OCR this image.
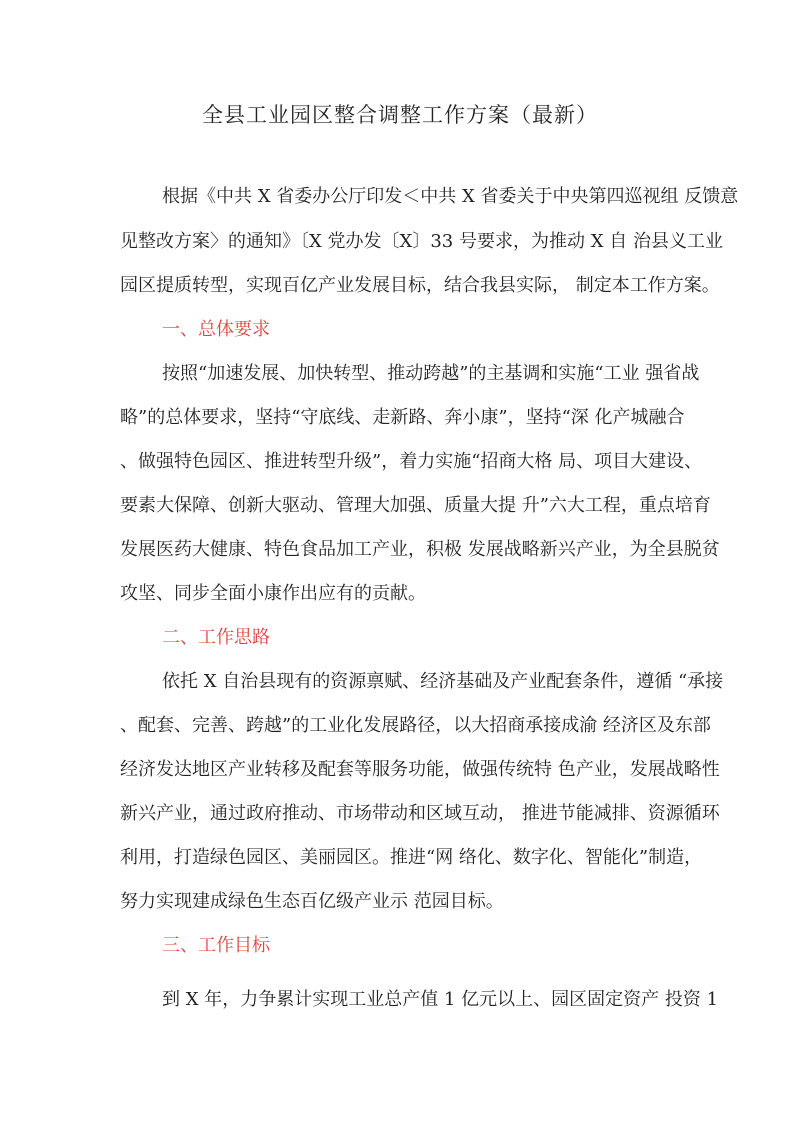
全县工业园区整合调整工作方案（最新）
根据《中共 X 省委办公厅印发＜中共 X 省委关于中央第四巡视组 反馈意
见整改方案〉的通知》〔X 党办发〔X〕33 号要求，为推动 X 自 治县义工业
园区提质转型，实现百亿产业发展目标，结合我县实际， 制定本工作方案。
一、总体要求
按照“加速发展、加快转型、推动跨越”的主基调和实施“工业 强省战
略”的总体要求，坚持“守底线、走新路、奔小康”，坚持“深 化产城融合
、做强特色园区、推进转型升级”，着力实施“招商大格 局、项目大建设、
要素大保障、创新大驱动、管理大加强、质量大提 升”六大工程，重点培育
发展医药大健康、特色食品加工产业，积极 发展战略新兴产业，为全县脱贫
攻坚、同步全面小康作出应有的贡献。
二、工作思路
依托 X 自治县现有的资源禀赋、经济基础及产业配套条件，遵循 “承接
、配套、完善、跨越”的工业化发展路径，以大招商承接成渝 经济区及东部
经济发达地区产业转移及配套等服务功能，做强传统特 色产业，发展战略性
新兴产业，通过政府推动、市场带动和区域互动， 推进节能减排、资源循环
利用，打造绿色园区、美丽园区。推进“网 络化、数字化、智能化”制造，
努力实现建成绿色生态百亿级产业示 范园目标。
三、工作目标
到 X 年，力争累计实现工业总产值 1 亿元以上、园区固定资产 投资 1
